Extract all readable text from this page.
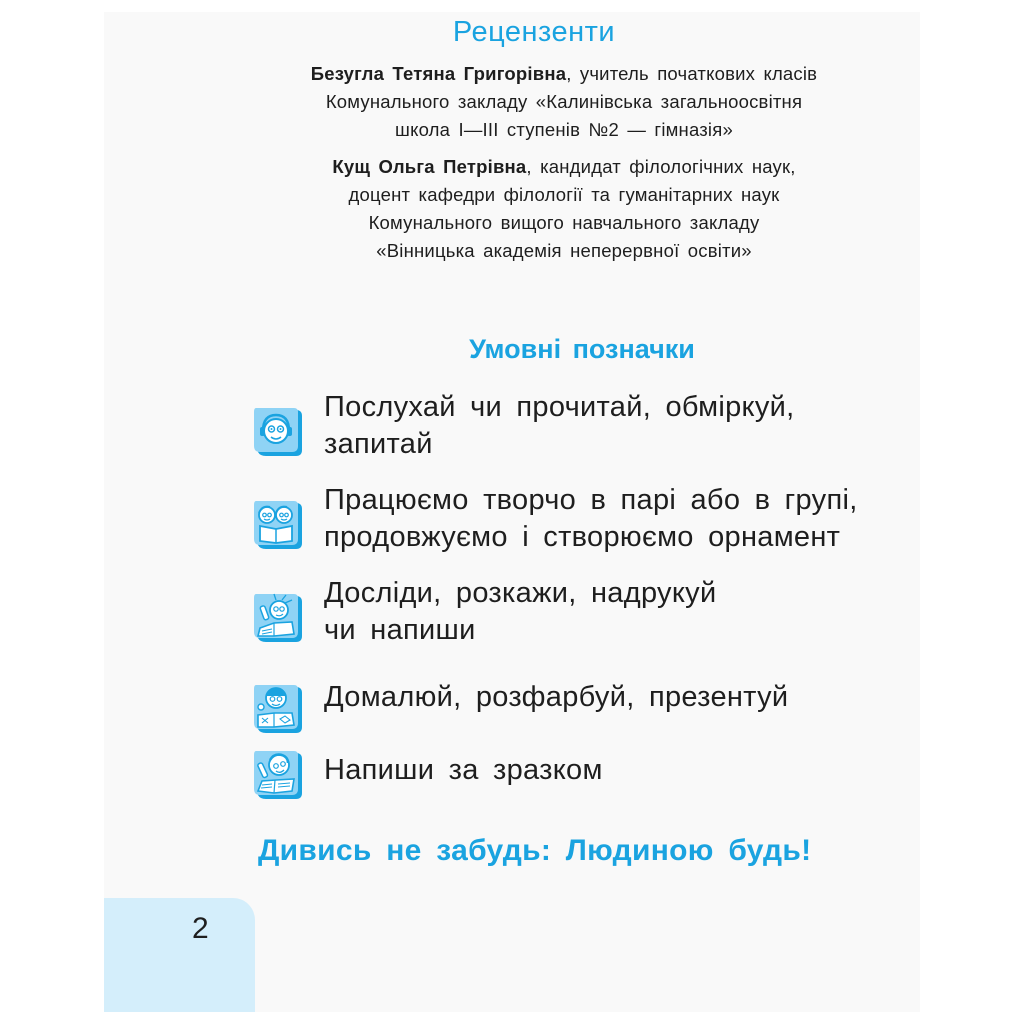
Рецензенти
Безугла Тетяна Григорівна, учитель початкових класів
Комунального закладу «Калинівська загальноосвітня
школа І—ІІІ ступенів №2 — гімназія»
Кущ Ольга Петрівна, кандидат філологічних наук,
доцент кафедри філології та гуманітарних наук
Комунального вищого навчального закладу
«Вінницька академія неперервної освіти»
Умовні позначки
Послухай чи прочитай, обміркуй,
запитай
Працюємо творчо в парі або в групі,
продовжуємо і створюємо орнамент
Досліди, розкажи, надрукуй
чи напиши
Домалюй, розфарбуй, презентуй
Напиши за зразком
Дивись не забудь: Людиною будь!
2
